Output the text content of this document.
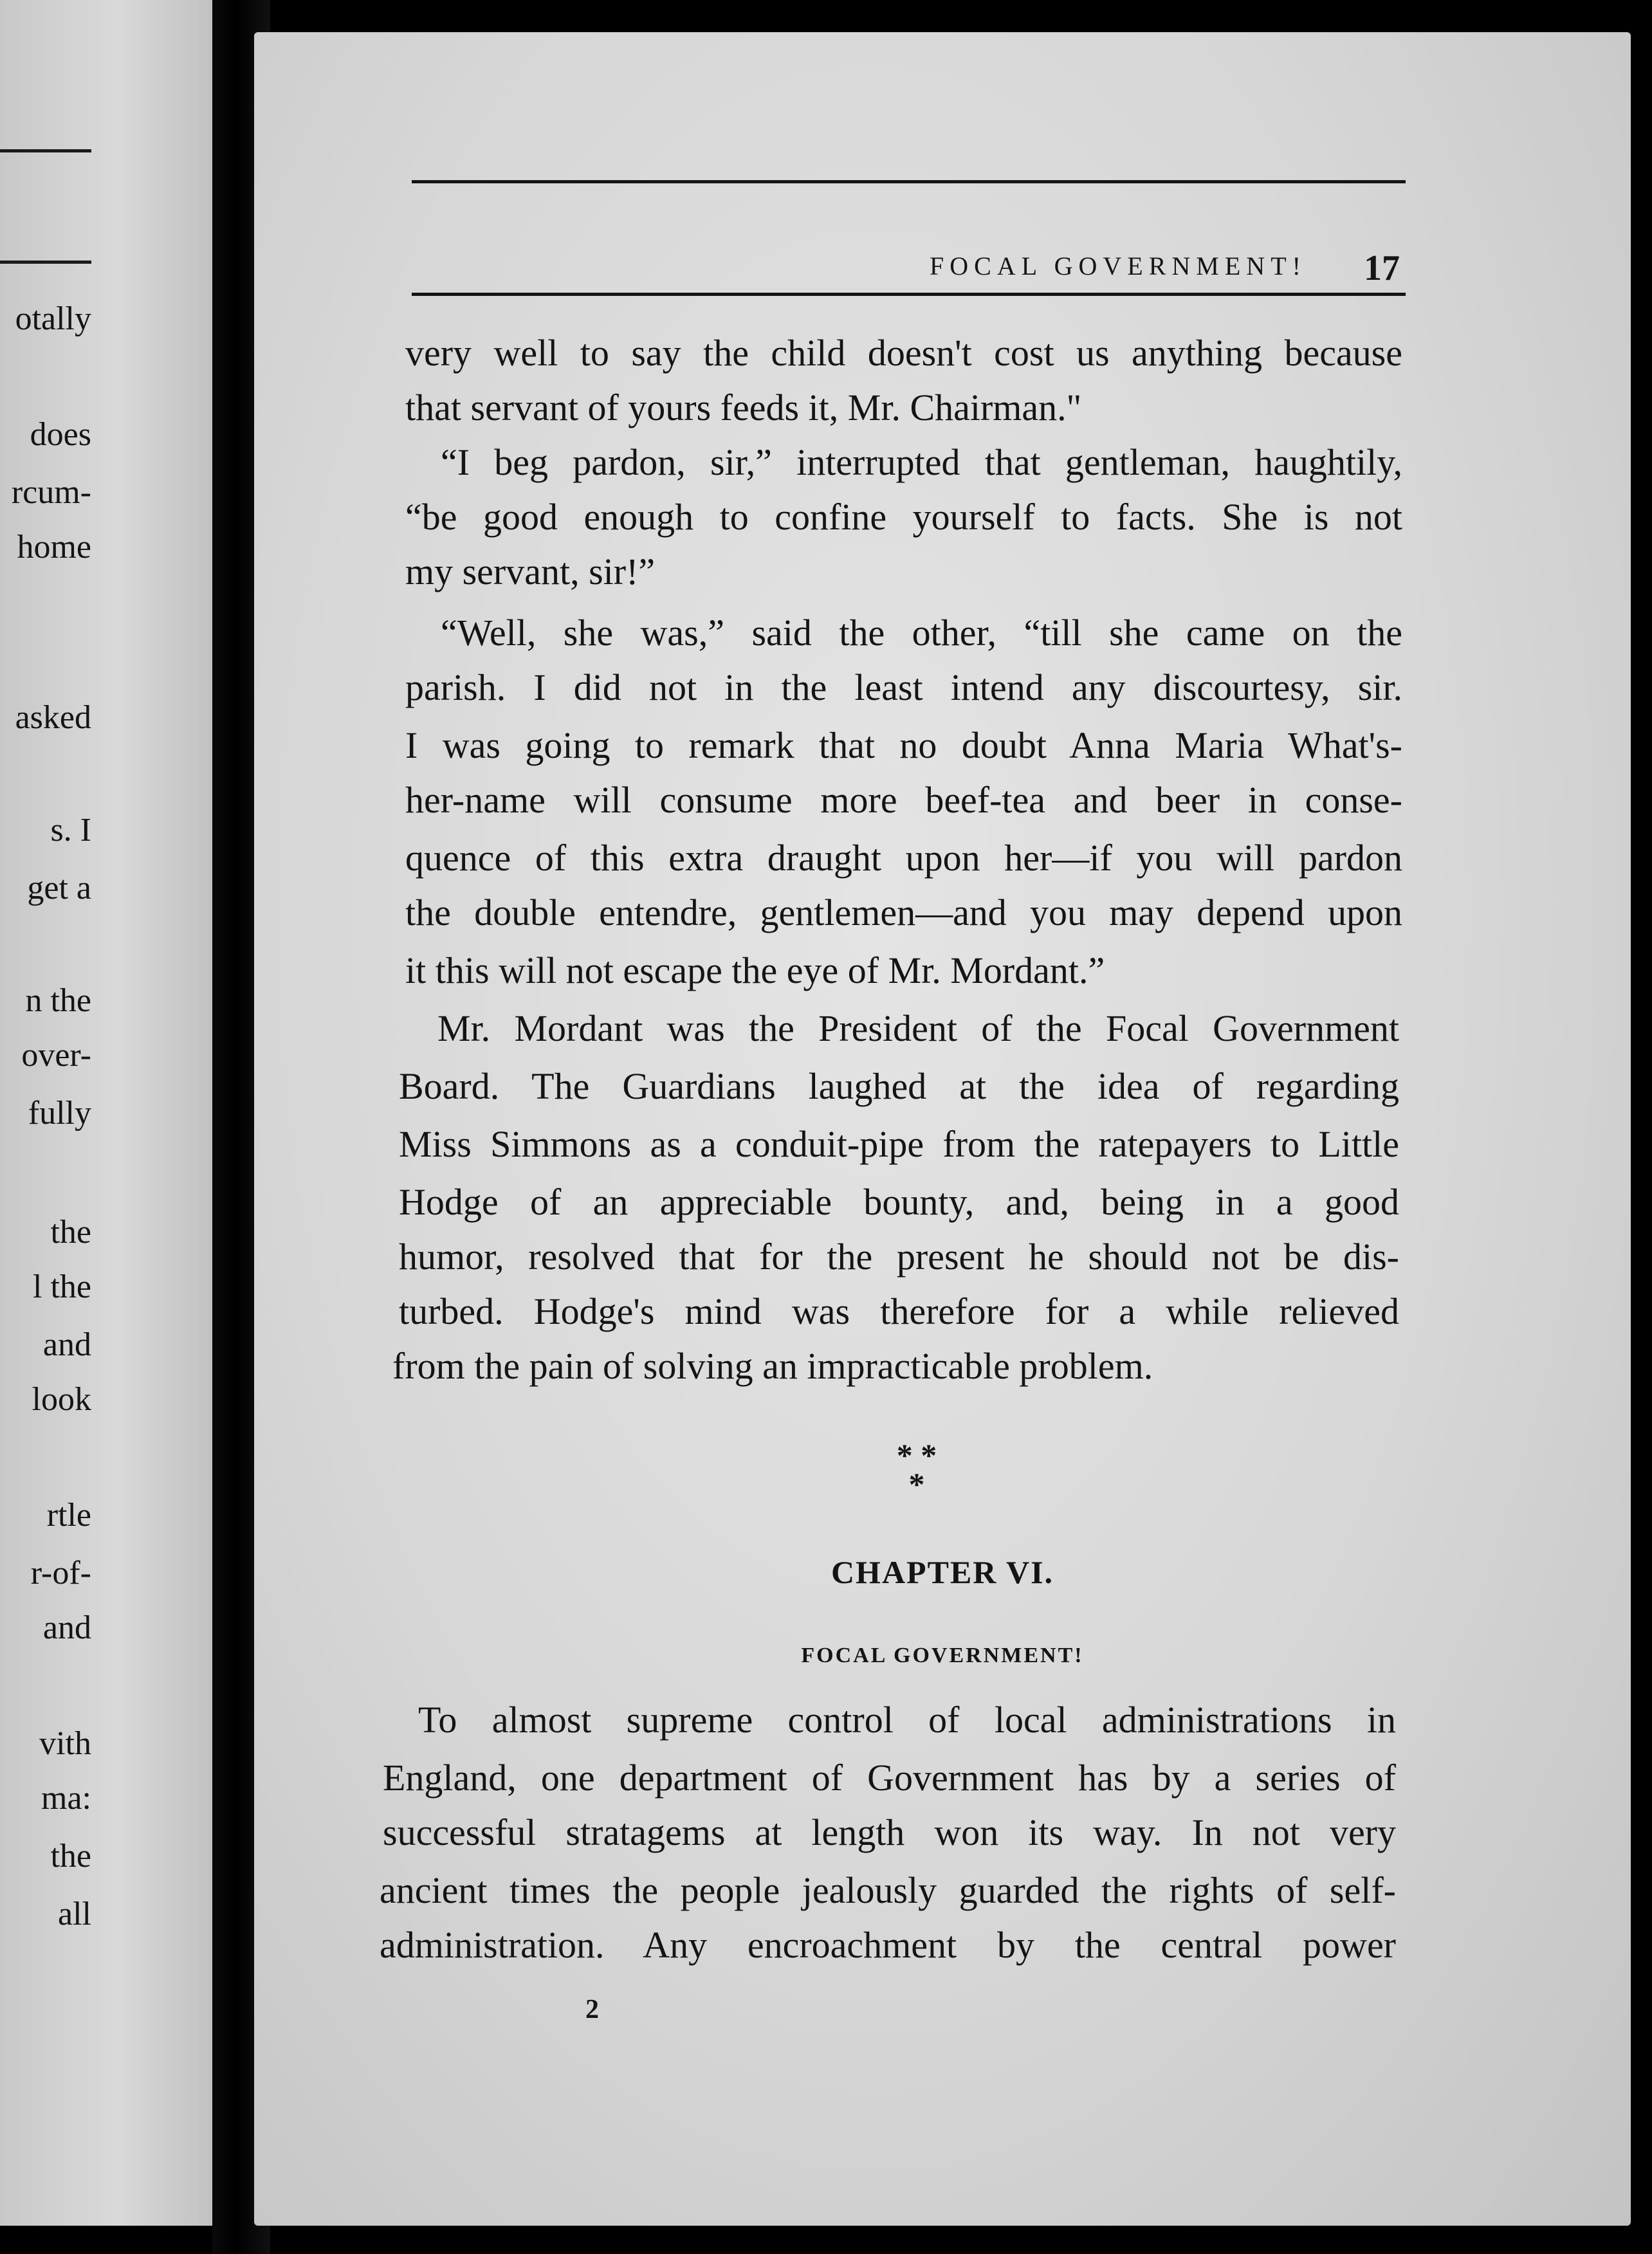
otally
does
rcum-
home
asked
s. I
get a
n the
over-
fully
the
l the
and
look
rtle
r-of-
and
vith
ma:
the
all
FOCAL GOVERNMENT! 17
very well to say the child doesn't cost us anything because
that servant of yours feeds it, Mr. Chairman."
“I beg pardon, sir,” interrupted that gentleman, haughtily,
“be good enough to confine yourself to facts. She is not
my servant, sir!”
“Well, she was,” said the other, “till she came on the
parish. I did not in the least intend any discourtesy, sir.
I was going to remark that no doubt Anna Maria What's-
her-name will consume more beef-tea and beer in conse-
quence of this extra draught upon her—if you will pardon
the double entendre, gentlemen—and you may depend upon
it this will not escape the eye of Mr. Mordant.”
Mr. Mordant was the President of the Focal Government
Board. The Guardians laughed at the idea of regarding
Miss Simmons as a conduit-pipe from the ratepayers to Little
Hodge of an appreciable bounty, and, being in a good
humor, resolved that for the present he should not be dis-
turbed. Hodge's mind was therefore for a while relieved
from the pain of solving an impracticable problem.
* *
*
CHAPTER VI.
FOCAL GOVERNMENT!
To almost supreme control of local administrations in
England, one department of Government has by a series of
successful stratagems at length won its way. In not very
ancient times the people jealously guarded the rights of self-
administration. Any encroachment by the central power
2
